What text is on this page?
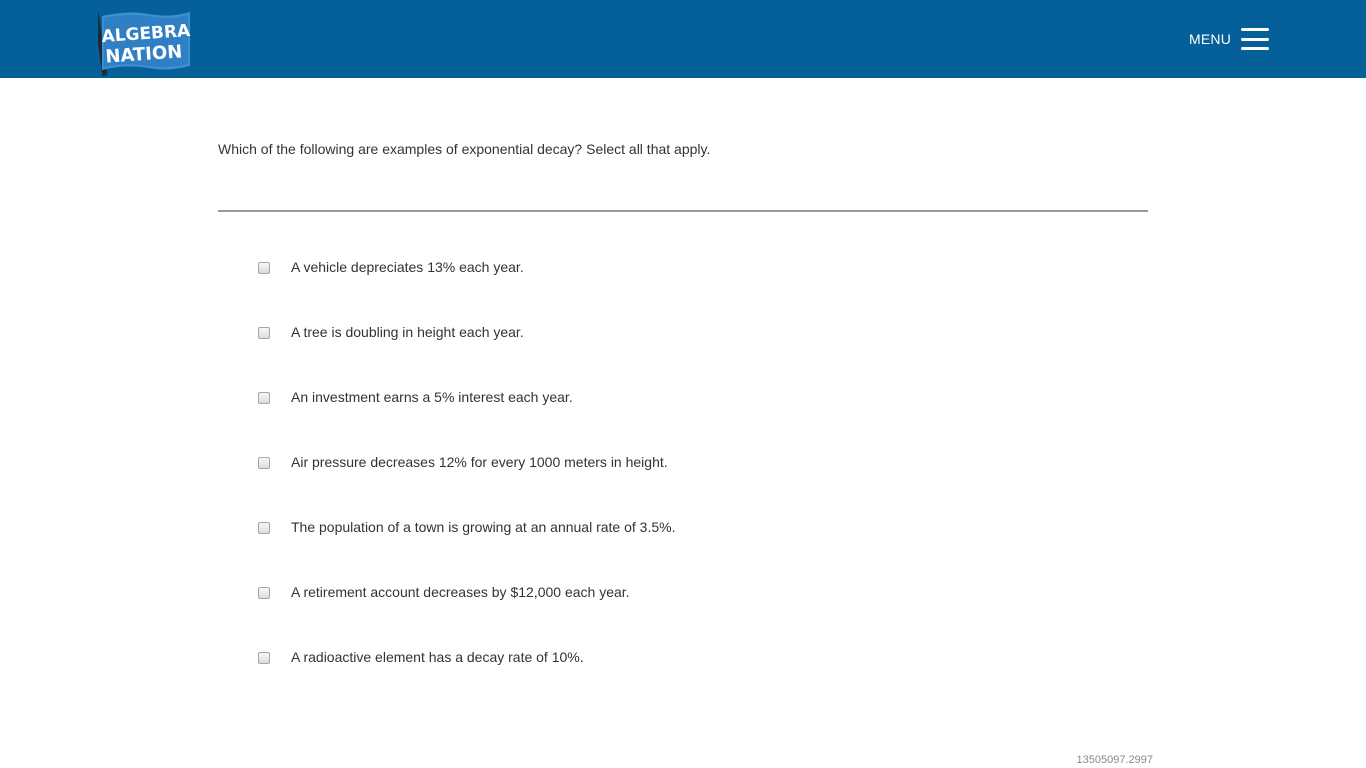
ALGEBRA
NATION
MENU
Which of the following are examples of exponential decay? Select all that apply.
A vehicle depreciates 13% each year.
A tree is doubling in height each year.
An investment earns a 5% interest each year.
Air pressure decreases 12% for every 1000 meters in height.
The population of a town is growing at an annual rate of 3.5%.
A retirement account decreases by $12,000 each year.
A radioactive element has a decay rate of 10%.
13505097.2997
